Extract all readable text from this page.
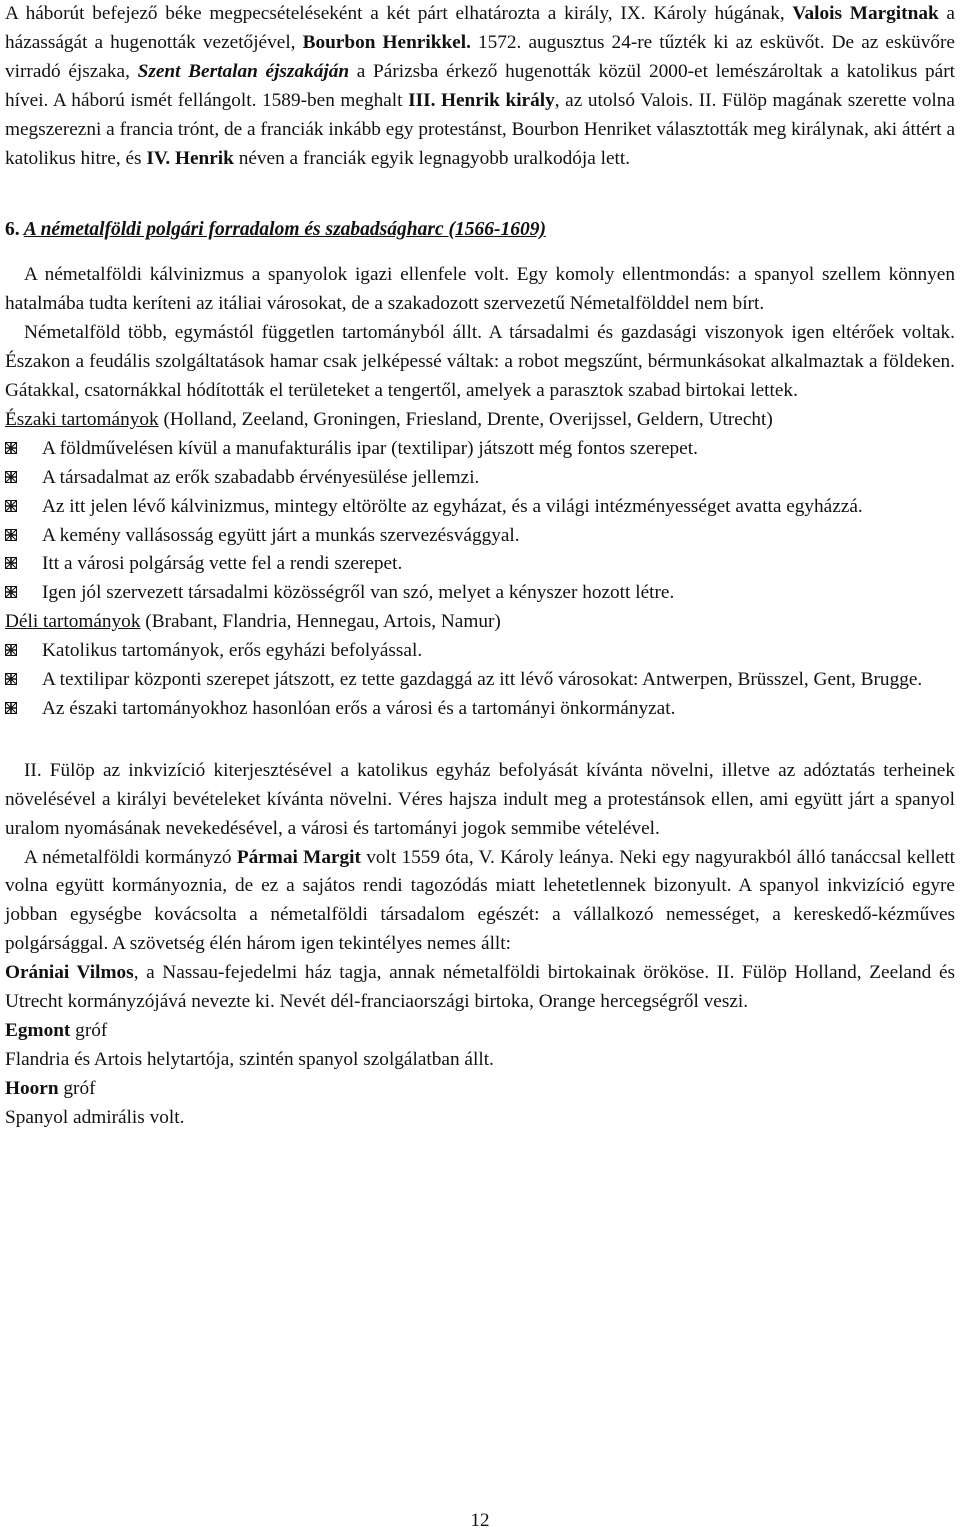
A háborút befejező béke megpecsételéseként a két párt elhatározta a király, IX. Károly húgának, Valois Margitnak a házasságát a hugenották vezetőjével, Bourbon Henrikkel. 1572. augusztus 24-re tűzték ki az esküvőt. De az esküvőre virradó éjszaka, Szent Bertalan éjszakáján a Párizsba érkező hugenották közül 2000-et lemészároltak a katolikus párt hívei. A háború ismét fellángolt. 1589-ben meghalt III. Henrik király, az utolsó Valois. II. Fülöp magának szerette volna megszerezni a francia trónt, de a franciák inkább egy protestánst, Bourbon Henriket választották meg királynak, aki áttért a katolikus hitre, és IV. Henrik néven a franciák egyik legnagyobb uralkodója lett.

6. A németalföldi polgári forradalom és szabadságharc (1566-1609)

A németalföldi kálvinizmus a spanyolok igazi ellenfele volt. Egy komoly ellentmondás: a spanyol szellem könnyen hatalmába tudta keríteni az itáliai városokat, de a szakadozott szervezetű Németalfölddel nem bírt.

Németalföld több, egymástól független tartományból állt. A társadalmi és gazdasági viszonyok igen eltérőek voltak. Északon a feudális szolgáltatások hamar csak jelképessé váltak: a robot megszűnt, bérmunkásokat alkalmaztak a földeken. Gátakkal, csatornákkal hódították el területeket a tengertől, amelyek a parasztok szabad birtokai lettek.

Északi tartományok (Holland, Zeeland, Groningen, Friesland, Drente, Overijssel, Geldern, Utrecht)

A földművelésen kívül a manufakturális ipar (textilipar) játszott még fontos szerepet.
A társadalmat az erők szabadabb érvényesülése jellemzi.
Az itt jelen lévő kálvinizmus, mintegy eltörölte az egyházat, és a világi intézményességet avatta egyházzá.
A kemény vallásosság együtt járt a munkás szervezésvággyal.
Itt a városi polgárság vette fel a rendi szerepet.
Igen jól szervezett társadalmi közösségről van szó, melyet a kényszer hozott létre.

Déli tartományok (Brabant, Flandria, Hennegau, Artois, Namur)

Katolikus tartományok, erős egyházi befolyással.
A textilipar központi szerepet játszott, ez tette gazdaggá az itt lévő városokat: Antwerpen, Brüsszel, Gent, Brugge.
Az északi tartományokhoz hasonlóan erős a városi és a tartományi önkormányzat.

II. Fülöp az inkvizíció kiterjesztésével a katolikus egyház befolyását kívánta növelni, illetve az adóztatás terheinek növelésével a királyi bevételeket kívánta növelni. Véres hajsza indult meg a protestánsok ellen, ami együtt járt a spanyol uralom nyomásának nevekedésével, a városi és tartományi jogok semmibe vételével.

A németalföldi kormányzó Pármai Margit volt 1559 óta, V. Károly leánya. Neki egy nagyurakból álló tanáccsal kellett volna együtt kormányoznia, de ez a sajátos rendi tagozódás miatt lehetetlennek bizonyult. A spanyol inkvizíció egyre jobban egységbe kovácsolta a németalföldi társadalom egészét: a vállalkozó nemességet, a kereskedő-kézműves polgársággal. A szövetség élén három igen tekintélyes nemes állt:

Orániai Vilmos, a Nassau-fejedelmi ház tagja, annak németalföldi birtokainak örököse. II. Fülöp Holland, Zeeland és Utrecht kormányzójává nevezte ki. Nevét dél-franciaországi birtoka, Orange hercegségről veszi.

Egmont gróf
Flandria és Artois helytartója, szintén spanyol szolgálatban állt.

Hoorn gróf
Spanyol admirális volt.

12
